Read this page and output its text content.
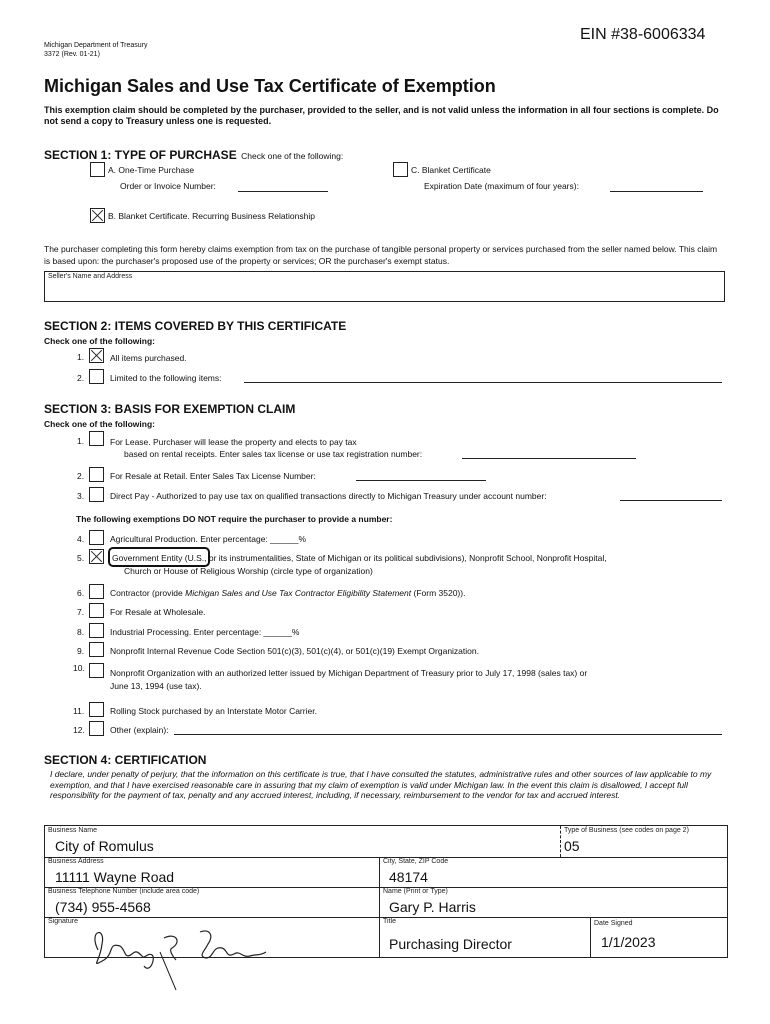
EIN #38-6006334
Michigan Department of Treasury
3372 (Rev. 01-21)
Michigan Sales and Use Tax Certificate of Exemption
This exemption claim should be completed by the purchaser, provided to the seller, and is not valid unless the information in all four sections is complete. Do not send a copy to Treasury unless one is requested.
SECTION 1: TYPE OF PURCHASE Check one of the following:
A. One-Time Purchase
Order or Invoice Number:
C. Blanket Certificate
Expiration Date (maximum of four years):
B. Blanket Certificate. Recurring Business Relationship
The purchaser completing this form hereby claims exemption from tax on the purchase of tangible personal property or services purchased from the seller named below. This claim is based upon: the purchaser's proposed use of the property or services; OR the purchaser's exempt status.
Seller's Name and Address
SECTION 2: ITEMS COVERED BY THIS CERTIFICATE
Check one of the following:
1.	All items purchased.
2.	Limited to the following items:
SECTION 3: BASIS FOR EXEMPTION CLAIM
Check one of the following:
1.	For Lease. Purchaser will lease the property and elects to pay tax
based on rental receipts. Enter sales tax license or use tax registration number:
2.	For Resale at Retail. Enter Sales Tax License Number:
3.	Direct Pay - Authorized to pay use tax on qualified transactions directly to Michigan Treasury under account number:
The following exemptions DO NOT require the purchaser to provide a number:
4.	Agricultural Production. Enter percentage: ______%
5.	Government Entity (U.S., or its instrumentalities, State of Michigan or its political subdivisions), Nonprofit School, Nonprofit Hospital,
Church or House of Religious Worship (circle type of organization)
6.	Contractor (provide Michigan Sales and Use Tax Contractor Eligibility Statement (Form 3520)).
7.	For Resale at Wholesale.
8.	Industrial Processing. Enter percentage: ______%
9.	Nonprofit Internal Revenue Code Section 501(c)(3), 501(c)(4), or 501(c)(19) Exempt Organization.
10.	Nonprofit Organization with an authorized letter issued by Michigan Department of Treasury prior to July 17, 1998 (sales tax) or
June 13, 1994 (use tax).
11.	Rolling Stock purchased by an Interstate Motor Carrier.
12.	Other (explain):
SECTION 4: CERTIFICATION
I declare, under penalty of perjury, that the information on this certificate is true, that I have consulted the statutes, administrative rules and other sources of law applicable to my exemption, and that I have exercised reasonable care in assuring that my claim of exemption is valid under Michigan law. In the event this claim is disallowed, I accept full responsibility for the payment of tax, penalty and any accrued interest, including, if necessary, reimbursement to the vendor for tax and accrued interest.
Business Name
City of Romulus
Type of Business (see codes on page 2)
05
Business Address
11111 Wayne Road
City, State, ZIP Code
48174
Business Telephone Number (include area code)
(734) 955-4568
Name (Print or Type)
Gary P. Harris
Signature	Title
Purchasing Director
Date Signed
1/1/2023
